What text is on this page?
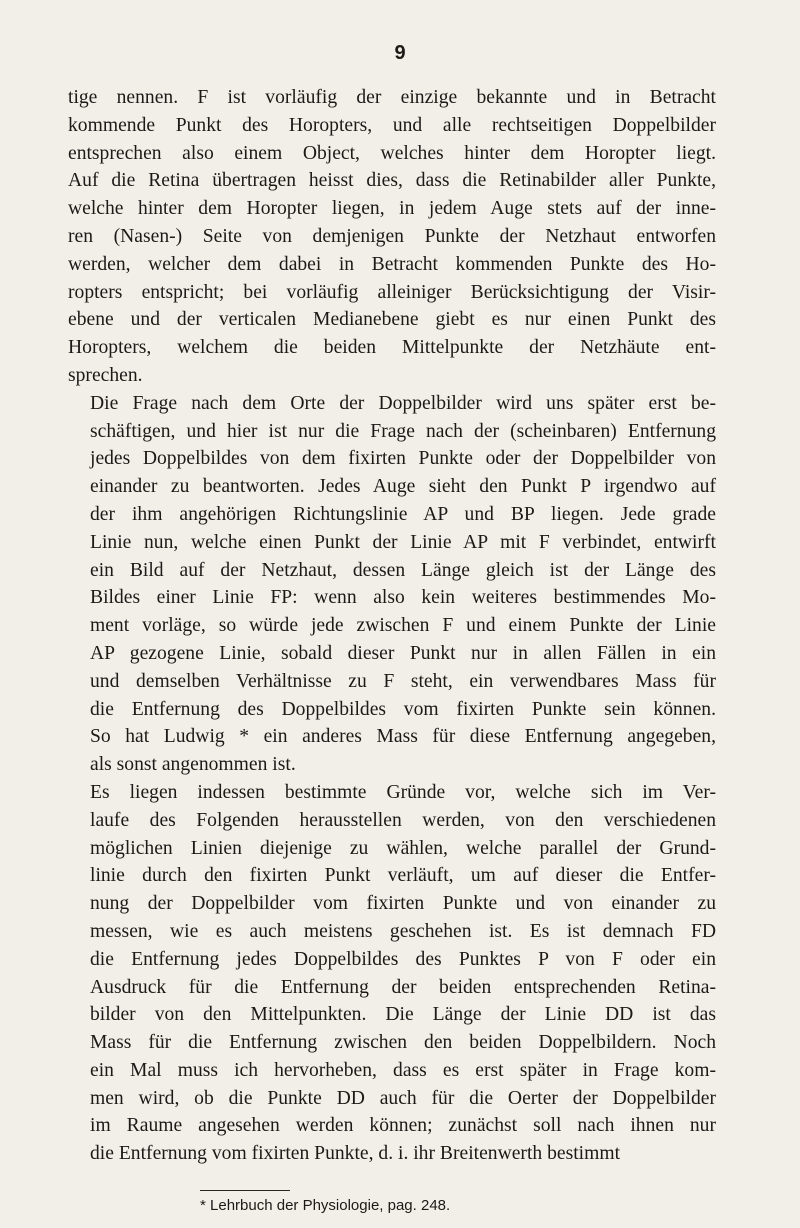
9

tige nennen. F ist vorläufig der einzige bekannte und in Betracht
kommende Punkt des Horopters, und alle rechtseitigen Doppelbilder
entsprechen also einem Object, welches hinter dem Horopter liegt.
Auf die Retina übertragen heisst dies, dass die Retinabilder aller Punkte,
welche hinter dem Horopter liegen, in jedem Auge stets auf der inne-
ren (Nasen-) Seite von demjenigen Punkte der Netzhaut entworfen
werden, welcher dem dabei in Betracht kommenden Punkte des Ho-
ropters entspricht; bei vorläufig alleiniger Berücksichtigung der Visir-
ebene und der verticalen Medianebene giebt es nur einen Punkt des
Horopters, welchem die beiden Mittelpunkte der Netzhäute ent-
sprechen.

Die Frage nach dem Orte der Doppelbilder wird uns später erst be-
schäftigen, und hier ist nur die Frage nach der (scheinbaren) Entfernung
jedes Doppelbildes von dem fixirten Punkte oder der Doppelbilder von
einander zu beantworten. Jedes Auge sieht den Punkt P irgendwo auf
der ihm angehörigen Richtungslinie AP und BP liegen. Jede grade
Linie nun, welche einen Punkt der Linie AP mit F verbindet, entwirft
ein Bild auf der Netzhaut, dessen Länge gleich ist der Länge des
Bildes einer Linie FP: wenn also kein weiteres bestimmendes Mo-
ment vorläge, so würde jede zwischen F und einem Punkte der Linie
AP gezogene Linie, sobald dieser Punkt nur in allen Fällen in ein
und demselben Verhältnisse zu F steht, ein verwendbares Mass für
die Entfernung des Doppelbildes vom fixirten Punkte sein können.
So hat Ludwig * ein anderes Mass für diese Entfernung angegeben,
als sonst angenommen ist.

Es liegen indessen bestimmte Gründe vor, welche sich im Ver-
laufe des Folgenden herausstellen werden, von den verschiedenen
möglichen Linien diejenige zu wählen, welche parallel der Grund-
linie durch den fixirten Punkt verläuft, um auf dieser die Entfer-
nung der Doppelbilder vom fixirten Punkte und von einander zu
messen, wie es auch meistens geschehen ist. Es ist demnach FD
die Entfernung jedes Doppelbildes des Punktes P von F oder ein
Ausdruck für die Entfernung der beiden entsprechenden Retina-
bilder von den Mittelpunkten. Die Länge der Linie DD ist das
Mass für die Entfernung zwischen den beiden Doppelbildern. Noch
ein Mal muss ich hervorheben, dass es erst später in Frage kom-
men wird, ob die Punkte DD auch für die Oerter der Doppelbilder
im Raume angesehen werden können; zunächst soll nach ihnen nur
die Entfernung vom fixirten Punkte, d. i. ihr Breitenwerth bestimmt

* Lehrbuch der Physiologie, pag. 248.
